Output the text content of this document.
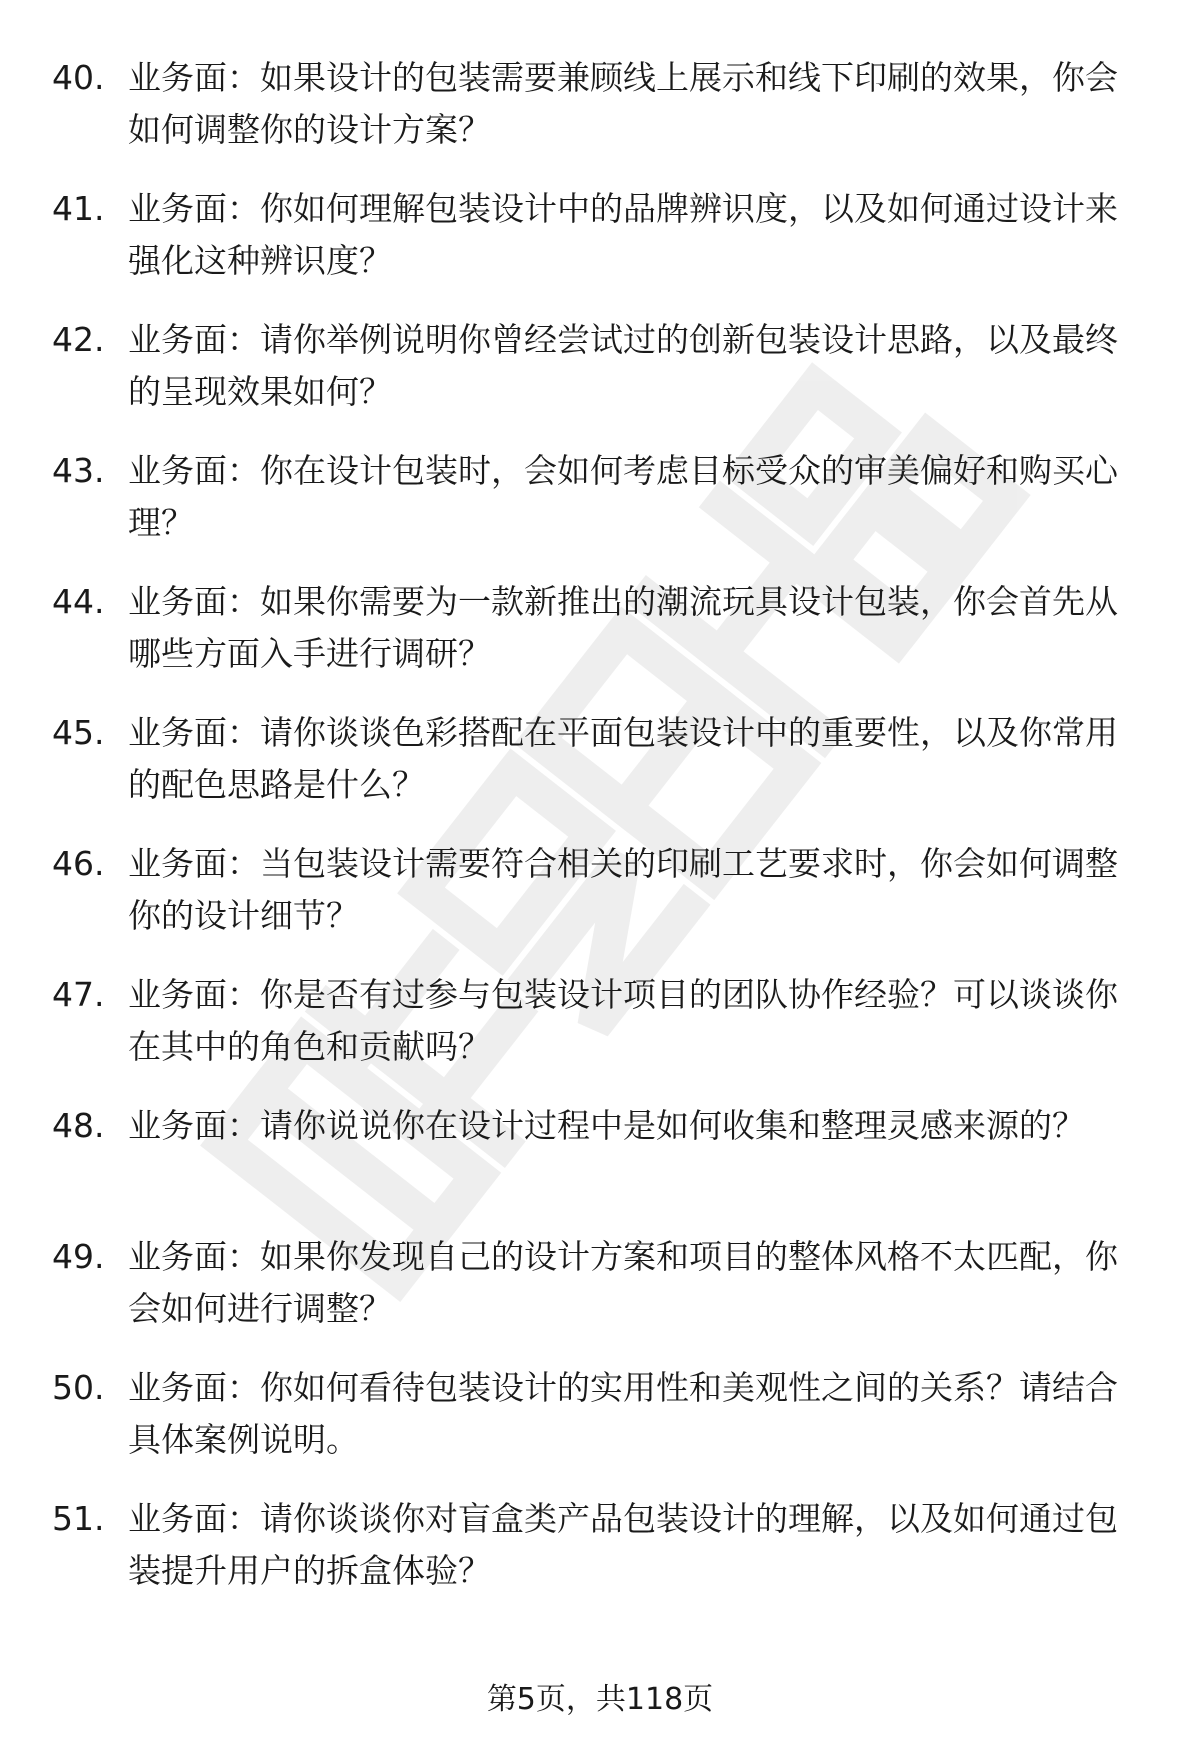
40. 业务面：如果设计的包装需要兼顾线上展示和线下印刷的效果，你会如何调整你的设计方案？
41. 业务面：你如何理解包装设计中的品牌辨识度，以及如何通过设计来强化这种辨识度？
42. 业务面：请你举例说明你曾经尝试过的创新包装设计思路，以及最终的呈现效果如何？
43. 业务面：你在设计包装时，会如何考虑目标受众的审美偏好和购买心理？
44. 业务面：如果你需要为一款新推出的潮流玩具设计包装，你会首先从哪些方面入手进行调研？
45. 业务面：请你谈谈色彩搭配在平面包装设计中的重要性，以及你常用的配色思路是什么？
46. 业务面：当包装设计需要符合相关的印刷工艺要求时，你会如何调整你的设计细节？
47. 业务面：你是否有过参与包装设计项目的团队协作经验？可以谈谈你在其中的角色和贡献吗？
48. 业务面：请你说说你在设计过程中是如何收集和整理灵感来源的？
49. 业务面：如果你发现自己的设计方案和项目的整体风格不太匹配，你会如何进行调整？
50. 业务面：你如何看待包装设计的实用性和美观性之间的关系？请结合具体案例说明。
51. 业务面：请你谈谈你对盲盒类产品包装设计的理解，以及如何通过包装提升用户的拆盒体验？
第5页，共118页
